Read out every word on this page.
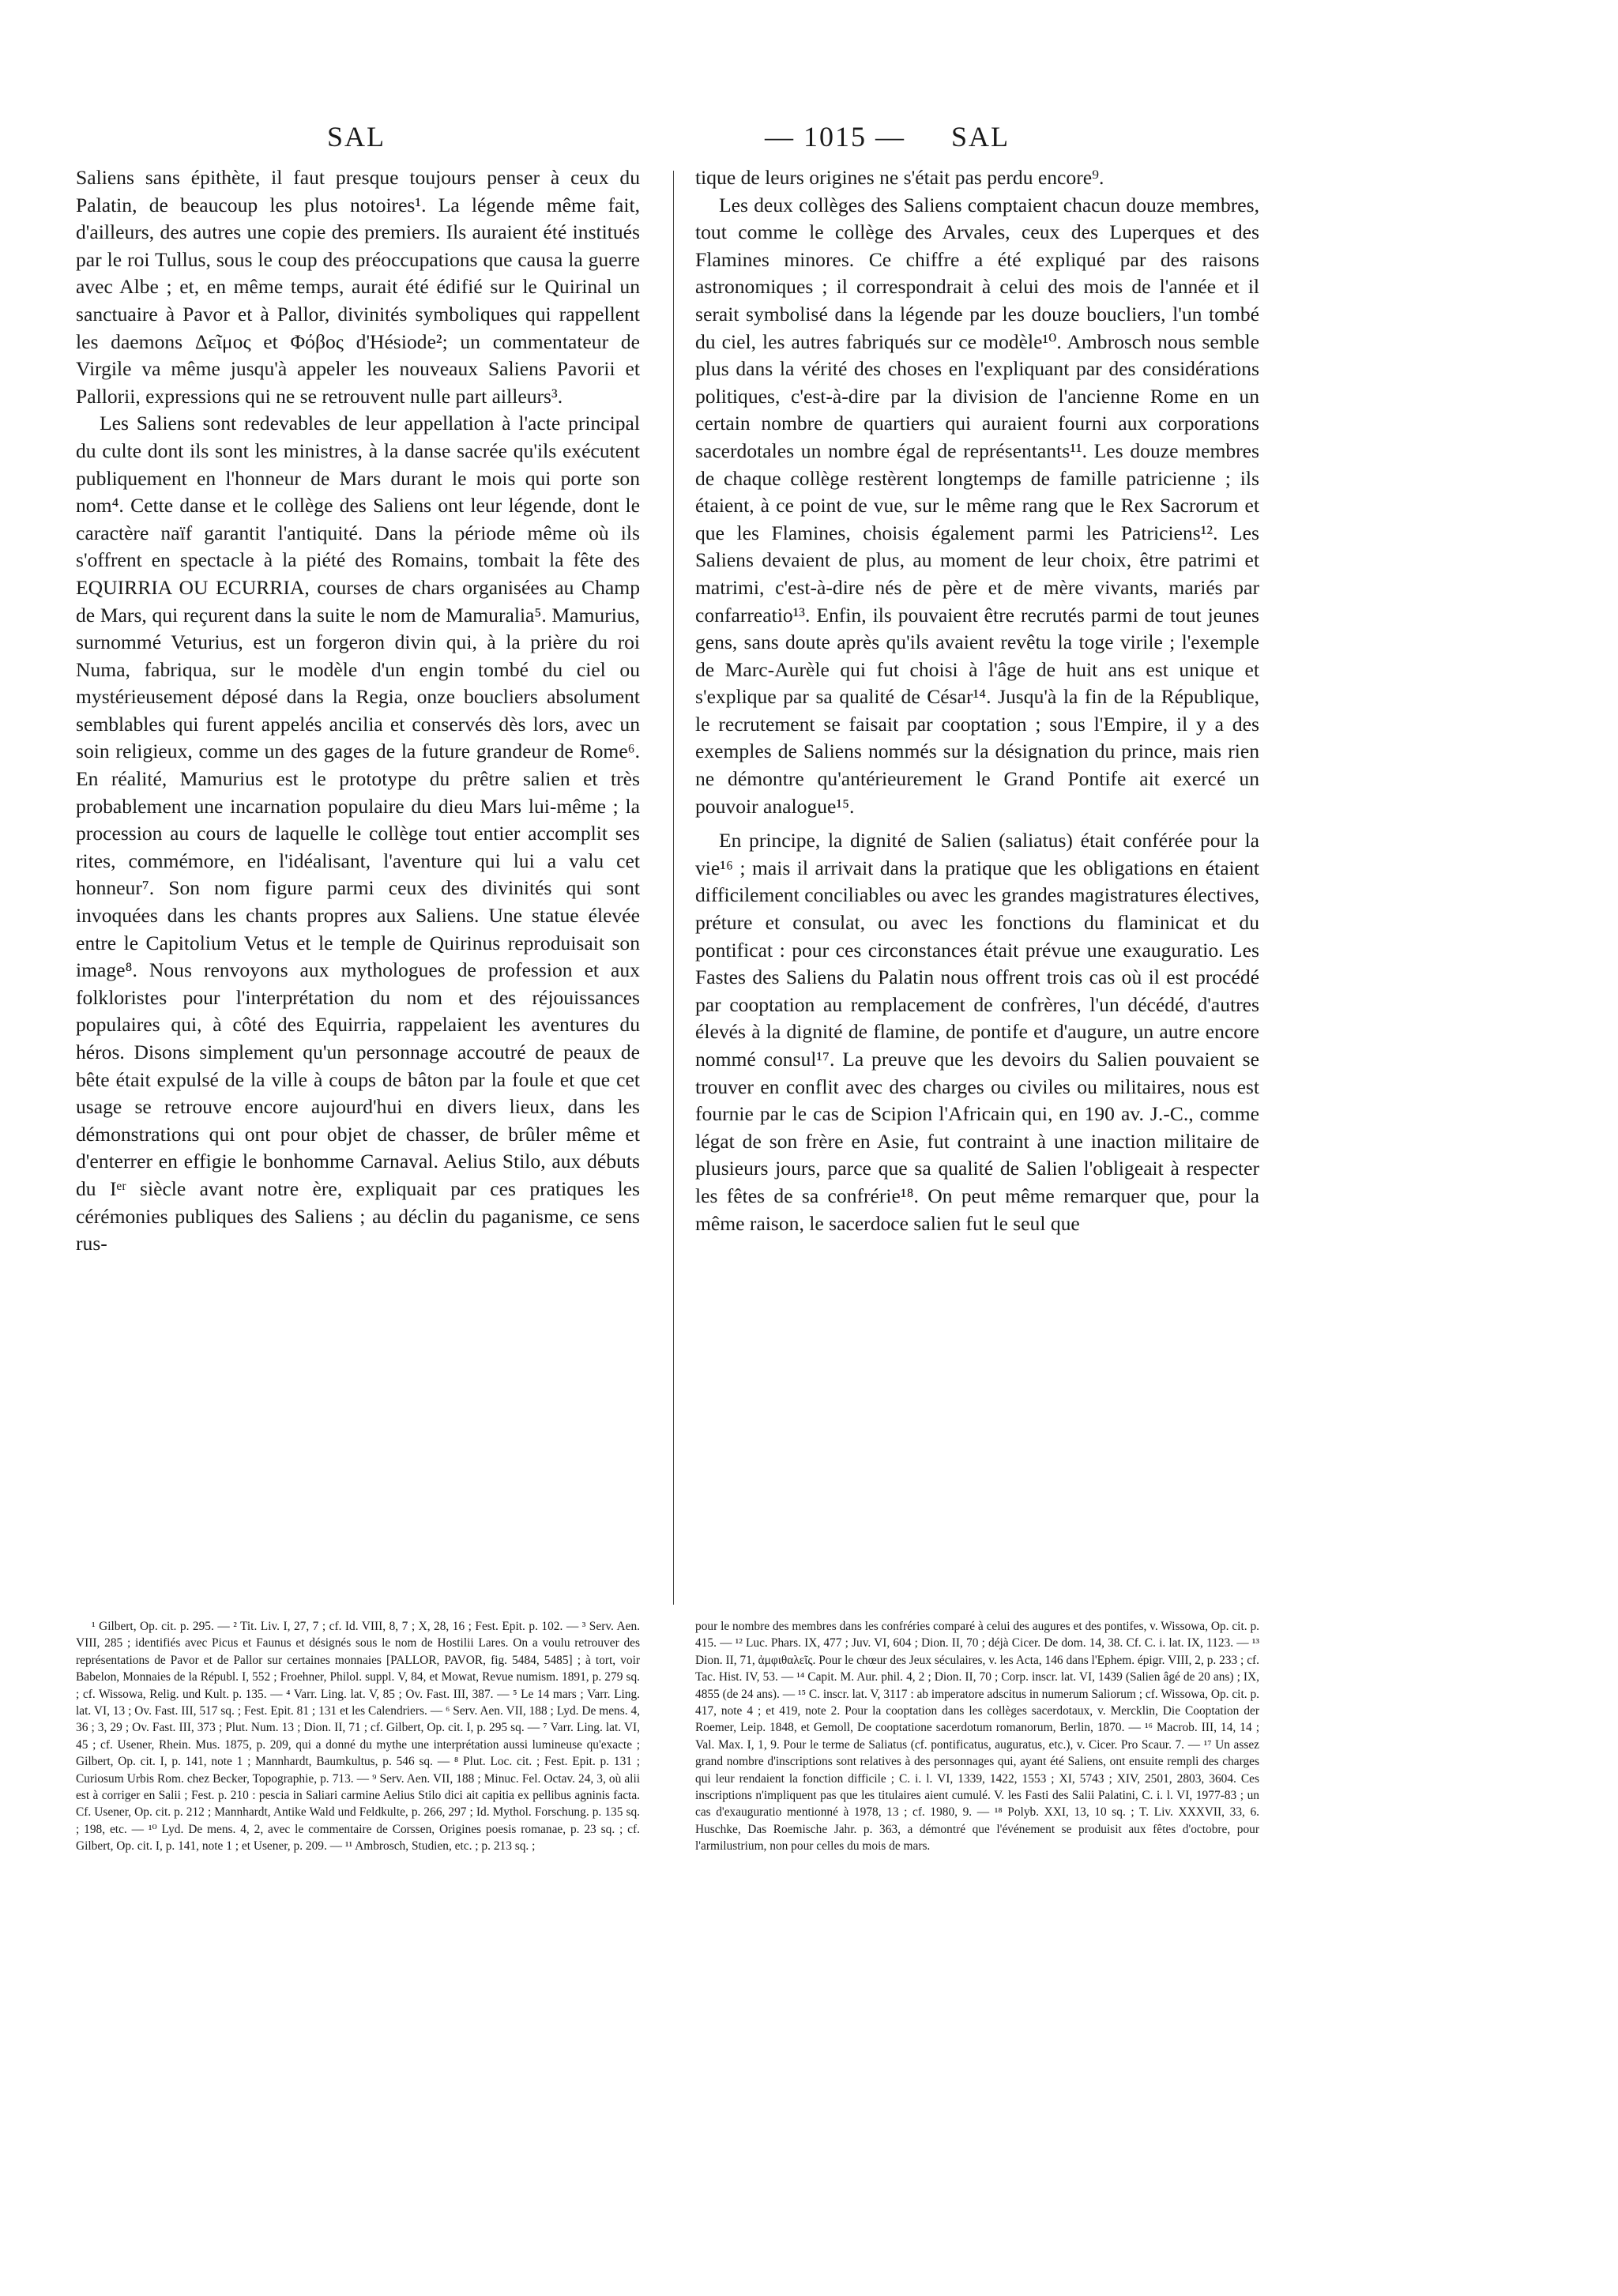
SAL	— 1015 — SAL

Saliens sans épithète, il faut presque toujours penser à ceux du Palatin, de beaucoup les plus notoires¹. La légende même fait, d'ailleurs, des autres une copie des premiers. Ils auraient été institués par le roi Tullus, sous le coup des préoccupations que causa la guerre avec Albe ; et, en même temps, aurait été édifié sur le Quirinal un sanctuaire à Pavor et à Pallor, divinités symboliques qui rappellent les daemons Δεῖμος et Φόβος d'Hésiode²; un commentateur de Virgile va même jusqu'à appeler les nouveaux Saliens Pavorii et Pallorii, expressions qui ne se retrouvent nulle part ailleurs³.

Les Saliens sont redevables de leur appellation à l'acte principal du culte dont ils sont les ministres, à la danse sacrée qu'ils exécutent publiquement en l'honneur de Mars durant le mois qui porte son nom⁴. Cette danse et le collège des Saliens ont leur légende, dont le caractère naïf garantit l'antiquité. Dans la période même où ils s'offrent en spectacle à la piété des Romains, tombait la fête des EQUIRRIA OU ECURRIA, courses de chars organisées au Champ de Mars, qui reçurent dans la suite le nom de Mamuralia⁵. Mamurius, surnommé Veturius, est un forgeron divin qui, à la prière du roi Numa, fabriqua, sur le modèle d'un engin tombé du ciel ou mystérieusement déposé dans la Regia, onze boucliers absolument semblables qui furent appelés ancilia et conservés dès lors, avec un soin religieux, comme un des gages de la future grandeur de Rome⁶. En réalité, Mamurius est le prototype du prêtre salien et très probablement une incarnation populaire du dieu Mars lui-même ; la procession au cours de laquelle le collège tout entier accomplit ses rites, commémore, en l'idéalisant, l'aventure qui lui a valu cet honneur⁷. Son nom figure parmi ceux des divinités qui sont invoquées dans les chants propres aux Saliens. Une statue élevée entre le Capitolium Vetus et le temple de Quirinus reproduisait son image⁸. Nous renvoyons aux mythologues de profession et aux folkloristes pour l'interprétation du nom et des réjouissances populaires qui, à côté des Equirria, rappelaient les aventures du héros. Disons simplement qu'un personnage accoutré de peaux de bête était expulsé de la ville à coups de bâton par la foule et que cet usage se retrouve encore aujourd'hui en divers lieux, dans les démonstrations qui ont pour objet de chasser, de brûler même et d'enterrer en effigie le bonhomme Carnaval. Aelius Stilo, aux débuts du Iᵉʳ siècle avant notre ère, expliquait par ces pratiques les cérémonies publiques des Saliens ; au déclin du paganisme, ce sens rus-

tique de leurs origines ne s'était pas perdu encore⁹.

Les deux collèges des Saliens comptaient chacun douze membres, tout comme le collège des Arvales, ceux des Luperques et des Flamines minores. Ce chiffre a été expliqué par des raisons astronomiques ; il correspondrait à celui des mois de l'année et il serait symbolisé dans la légende par les douze boucliers, l'un tombé du ciel, les autres fabriqués sur ce modèle¹⁰. Ambrosch nous semble plus dans la vérité des choses en l'expliquant par des considérations politiques, c'est-à-dire par la division de l'ancienne Rome en un certain nombre de quartiers qui auraient fourni aux corporations sacerdotales un nombre égal de représentants¹¹. Les douze membres de chaque collège restèrent longtemps de famille patricienne ; ils étaient, à ce point de vue, sur le même rang que le Rex Sacrorum et que les Flamines, choisis également parmi les Patriciens¹². Les Saliens devaient de plus, au moment de leur choix, être patrimi et matrimi, c'est-à-dire nés de père et de mère vivants, mariés par confarreatio¹³. Enfin, ils pouvaient être recrutés parmi de tout jeunes gens, sans doute après qu'ils avaient revêtu la toge virile ; l'exemple de Marc-Aurèle qui fut choisi à l'âge de huit ans est unique et s'explique par sa qualité de César¹⁴. Jusqu'à la fin de la République, le recrutement se faisait par cooptation ; sous l'Empire, il y a des exemples de Saliens nommés sur la désignation du prince, mais rien ne démontre qu'antérieurement le Grand Pontife ait exercé un pouvoir analogue¹⁵.

En principe, la dignité de Salien (saliatus) était conférée pour la vie¹⁶ ; mais il arrivait dans la pratique que les obligations en étaient difficilement conciliables ou avec les grandes magistratures électives, préture et consulat, ou avec les fonctions du flaminicat et du pontificat : pour ces circonstances était prévue une exauguratio. Les Fastes des Saliens du Palatin nous offrent trois cas où il est procédé par cooptation au remplacement de confrères, l'un décédé, d'autres élevés à la dignité de flamine, de pontife et d'augure, un autre encore nommé consul¹⁷. La preuve que les devoirs du Salien pouvaient se trouver en conflit avec des charges ou civiles ou militaires, nous est fournie par le cas de Scipion l'Africain qui, en 190 av. J.-C., comme légat de son frère en Asie, fut contraint à une inaction militaire de plusieurs jours, parce que sa qualité de Salien l'obligeait à respecter les fêtes de sa confrérie¹⁸. On peut même remarquer que, pour la même raison, le sacerdoce salien fut le seul que

¹ Gilbert, Op. cit. p. 295. — ² Tit. Liv. I, 27, 7 ; cf. Id. VIII, 8, 7 ; X, 28, 16 ; Fest. Epit. p. 102. — ³ Serv. Aen. VIII, 285 ; identifiés avec Picus et Faunus et désignés sous le nom de Hostilii Lares. On a voulu retrouver des représentations de Pavor et de Pallor sur certaines monnaies [PALLOR, PAVOR, fig. 5484, 5485] ; à tort, voir Babelon, Monnaies de la Républ. I, 552 ; Froehner, Philol. suppl. V, 84, et Mowat, Revue numism. 1891, p. 279 sq. ; cf. Wissowa, Relig. und Kult. p. 135. — ⁴ Varr. Ling. lat. V, 85 ; Ov. Fast. III, 387. — ⁵ Le 14 mars ; Varr. Ling. lat. VI, 13 ; Ov. Fast. III, 517 sq. ; Fest. Epit. 81 ; 131 et les Calendriers. — ⁶ Serv. Aen. VII, 188 ; Lyd. De mens. 4, 36 ; 3, 29 ; Ov. Fast. III, 373 ; Plut. Num. 13 ; Dion. II, 71 ; cf. Gilbert, Op. cit. I, p. 295 sq. — ⁷ Varr. Ling. lat. VI, 45 ; cf. Usener, Rhein. Mus. 1875, p. 209, qui a donné du mythe une interprétation aussi lumineuse qu'exacte ; Gilbert, Op. cit. I, p. 141, note 1 ; Mannhardt, Baumkultus, p. 546 sq. — ⁸ Plut. Loc. cit. ; Fest. Epit. p. 131 ; Curiosum Urbis Rom. chez Becker, Topographie, p. 713. — ⁹ Serv. Aen. VII, 188 ; Minuc. Fel. Octav. 24, 3, où alii est à corriger en Salii ; Fest. p. 210 : pescia in Saliari carmine Aelius Stilo dici ait capitia ex pellibus agninis facta. Cf. Usener, Op. cit. p. 212 ; Mannhardt, Antike Wald und Feldkulte, p. 266, 297 ; Id. Mythol. Forschung. p. 135 sq. ; 198, etc. — ¹⁰ Lyd. De mens. 4, 2, avec le commentaire de Corssen, Origines poesis romanae, p. 23 sq. ; cf. Gilbert, Op. cit. I, p. 141, note 1 ; et Usener, p. 209. — ¹¹ Ambrosch, Studien, etc. ; p. 213 sq. ;

pour le nombre des membres dans les confréries comparé à celui des augures et des pontifes, v. Wissowa, Op. cit. p. 415. — ¹² Luc. Phars. IX, 477 ; Juv. VI, 604 ; Dion. II, 70 ; déjà Cicer. De dom. 14, 38. Cf. C. i. lat. IX, 1123. — ¹³ Dion. II, 71, ἀμφιθαλεῖς. Pour le chœur des Jeux séculaires, v. les Acta, 146 dans l'Ephem. épigr. VIII, 2, p. 233 ; cf. Tac. Hist. IV, 53. — ¹⁴ Capit. M. Aur. phil. 4, 2 ; Dion. II, 70 ; Corp. inscr. lat. VI, 1439 (Salien âgé de 20 ans) ; IX, 4855 (de 24 ans). — ¹⁵ C. inscr. lat. V, 3117 : ab imperatore adscitus in numerum Saliorum ; cf. Wissowa, Op. cit. p. 417, note 4 ; et 419, note 2. Pour la cooptation dans les collèges sacerdotaux, v. Mercklin, Die Cooptation der Roemer, Leip. 1848, et Gemoll, De cooptatione sacerdotum romanorum, Berlin, 1870. — ¹⁶ Macrob. III, 14, 14 ; Val. Max. I, 1, 9. Pour le terme de Saliatus (cf. pontificatus, auguratus, etc.), v. Cicer. Pro Scaur. 7. — ¹⁷ Un assez grand nombre d'inscriptions sont relatives à des personnages qui, ayant été Saliens, ont ensuite rempli des charges qui leur rendaient la fonction difficile ; C. i. l. VI, 1339, 1422, 1553 ; XI, 5743 ; XIV, 2501, 2803, 3604. Ces inscriptions n'impliquent pas que les titulaires aient cumulé. V. les Fasti des Salii Palatini, C. i. l. VI, 1977-83 ; un cas d'exauguratio mentionné à 1978, 13 ; cf. 1980, 9. — ¹⁸ Polyb. XXI, 13, 10 sq. ; T. Liv. XXXVII, 33, 6. Huschke, Das Roemische Jahr. p. 363, a démontré que l'événement se produisit aux fêtes d'octobre, pour l'armilustrium, non pour celles du mois de mars.
